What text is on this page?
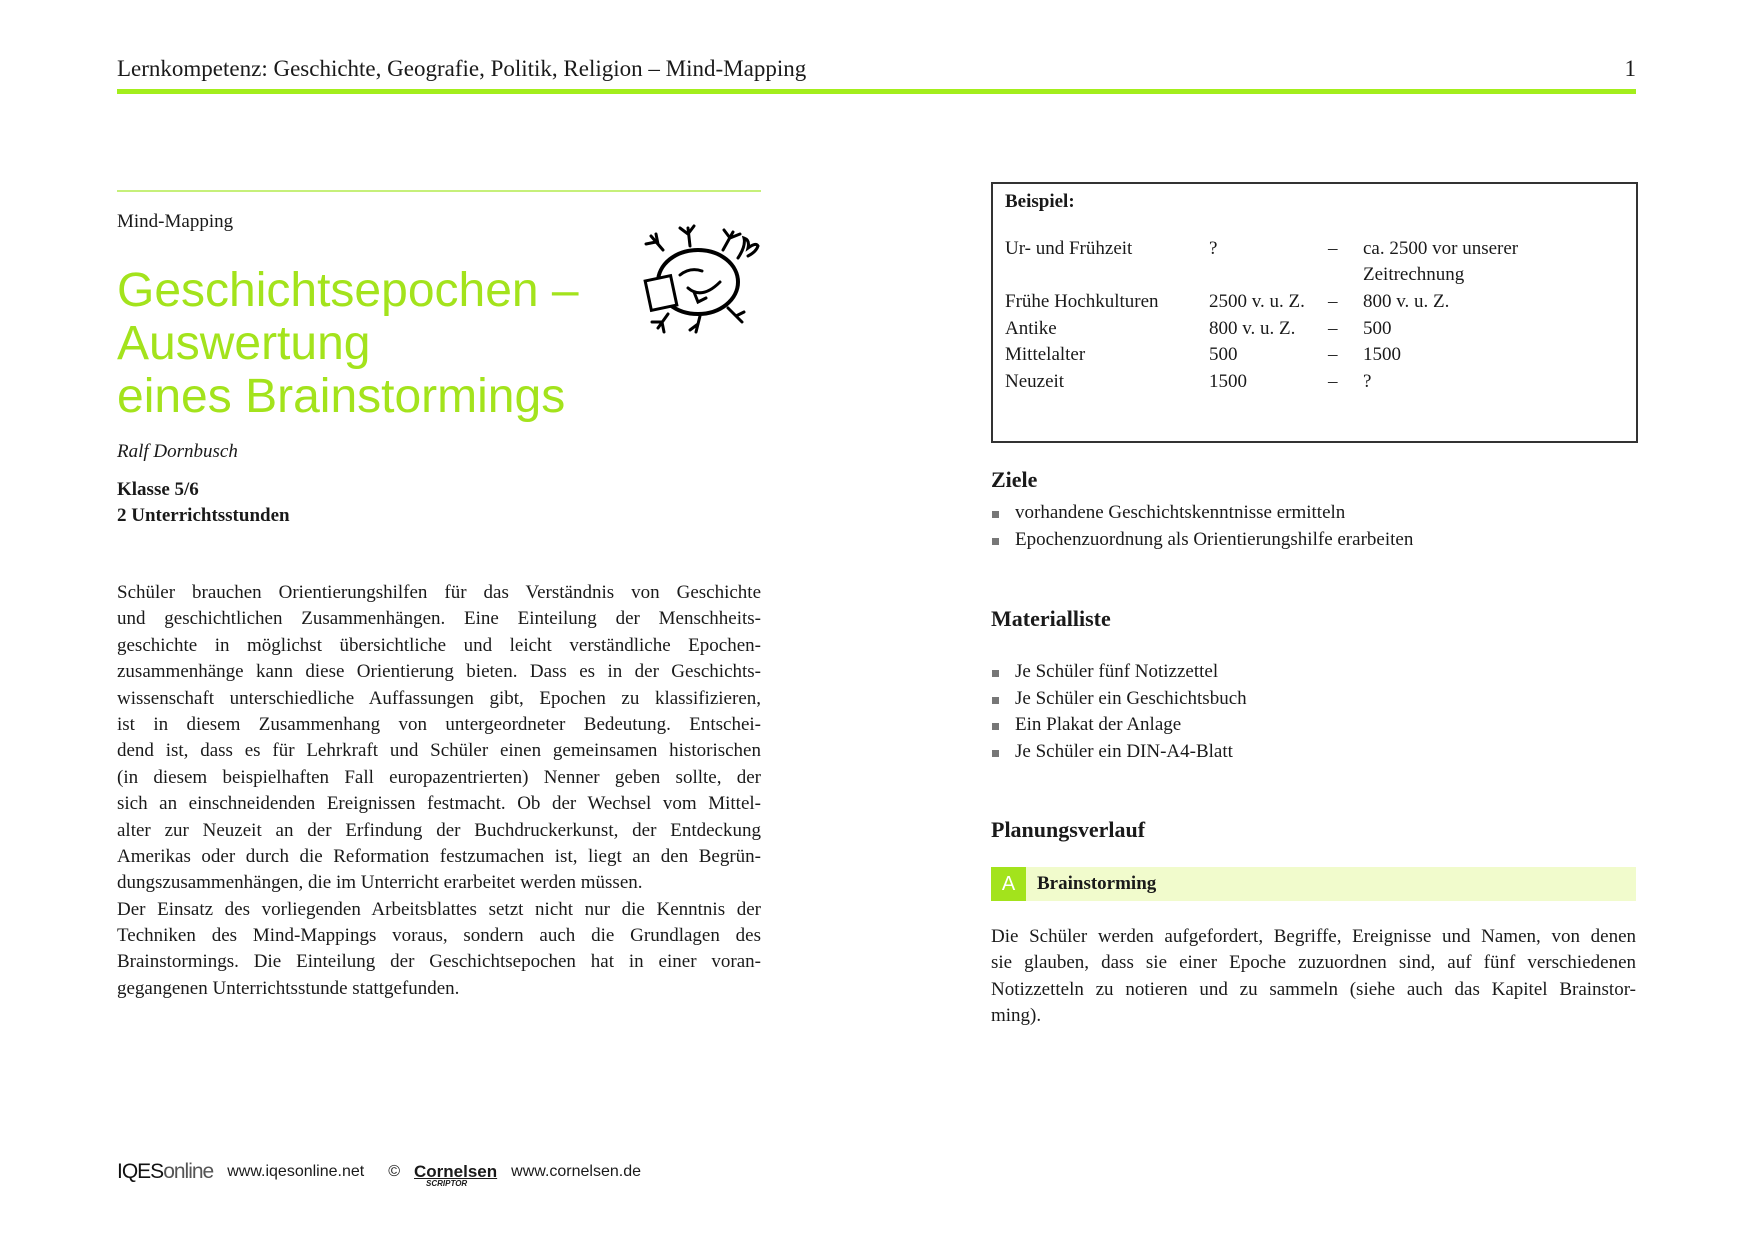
Lernkompetenz: Geschichte, Geografie, Politik, Religion – Mind-Mapping	1
Mind-Mapping
Geschichtsepochen –
Auswertung
eines Brainstormings
Ralf Dornbusch
Klasse 5/6
2 Unterrichtsstunden
Schüler brauchen Orientierungshilfen für das Verständnis von Geschichte
und geschichtlichen Zusammenhängen. Eine Einteilung der Menschheits-
geschichte in möglichst übersichtliche und leicht verständliche Epochen-
zusammenhänge kann diese Orientierung bieten. Dass es in der Geschichts-
wissenschaft unterschiedliche Auffassungen gibt, Epochen zu klassifizieren,
ist in diesem Zusammenhang von untergeordneter Bedeutung. Entschei-
dend ist, dass es für Lehrkraft und Schüler einen gemeinsamen historischen
(in diesem beispielhaften Fall europazentrierten) Nenner geben sollte, der
sich an einschneidenden Ereignissen festmacht. Ob der Wechsel vom Mittel-
alter zur Neuzeit an der Erfindung der Buchdruckerkunst, der Entdeckung
Amerikas oder durch die Reformation festzumachen ist, liegt an den Begrün-
dungszusammenhängen, die im Unterricht erarbeitet werden müssen.
Der Einsatz des vorliegenden Arbeitsblattes setzt nicht nur die Kenntnis der
Techniken des Mind-Mappings voraus, sondern auch die Grundlagen des
Brainstormings. Die Einteilung der Geschichtsepochen hat in einer voran-
gegangenen Unterrichtsstunde stattgefunden.
Beispiel:
Ur- und Frühzeit	?	– ca. 2500 vor unserer
Zeitrechnung
Frühe Hochkulturen	2500 v. u. Z. – 800 v. u. Z.
Antike	800 v. u. Z. – 500
Mittelalter	500	– 1500
Neuzeit	1500	– ?
Ziele
vorhandene Geschichtskenntnisse ermitteln
Epochenzuordnung als Orientierungshilfe erarbeiten
Materialliste
Je Schüler fünf Notizzettel
Je Schüler ein Geschichtsbuch
Ein Plakat der Anlage
Je Schüler ein DIN-A4-Blatt
Planungsverlauf
A	Brainstorming
Die Schüler werden aufgefordert, Begriffe, Ereignisse und Namen, von denen
sie glauben, dass sie einer Epoche zuzuordnen sind, auf fünf verschiedenen
Notizzetteln zu notieren und zu sammeln (siehe auch das Kapitel Brainstor-
ming).
IQESonline www.iqesonline.net © Cornelsen
SCRIPTOR
www.cornelsen.de
